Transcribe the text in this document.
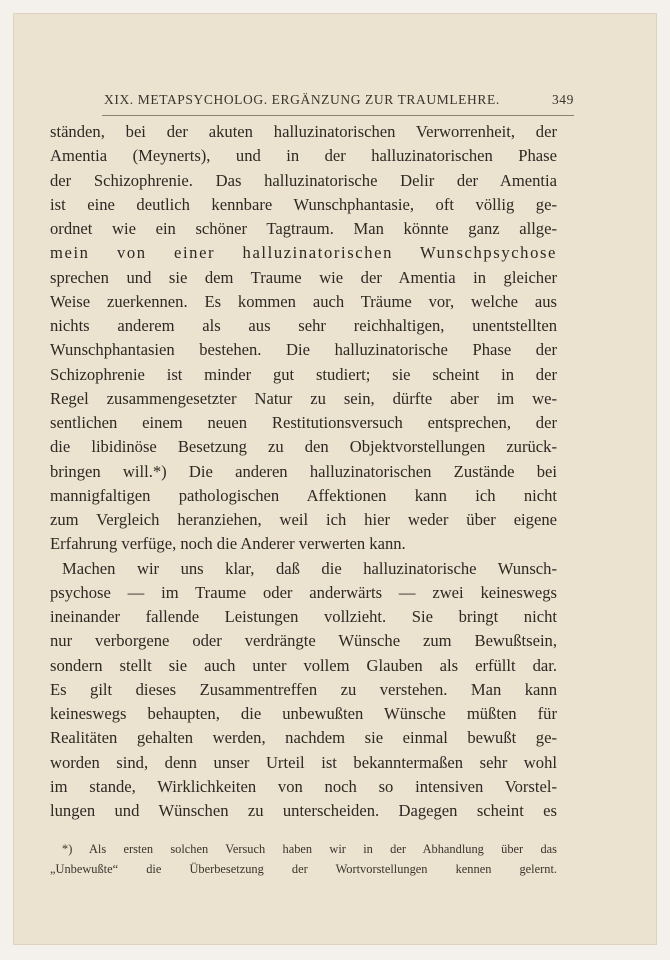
XIX. METAPSYCHOLOG. ERGÄNZUNG ZUR TRAUMLEHRE.	349
ständen, bei der akuten halluzinatorischen Verworrenheit, der
Amentia (Meynerts), und in der halluzinatorischen Phase
der Schizophrenie. Das halluzinatorische Delir der Amentia
ist eine deutlich kennbare Wunschphantasie, oft völlig ge-
ordnet wie ein schöner Tagtraum. Man könnte ganz allge-
mein von einer halluzinatorischen Wunschpsychose
sprechen und sie dem Traume wie der Amentia in gleicher
Weise zuerkennen. Es kommen auch Träume vor, welche aus
nichts anderem als aus sehr reichhaltigen, unentstellten
Wunschphantasien bestehen. Die halluzinatorische Phase der
Schizophrenie ist minder gut studiert; sie scheint in der
Regel zusammengesetzter Natur zu sein, dürfte aber im we-
sentlichen einem neuen Restitutionsversuch entsprechen, der
die libidinöse Besetzung zu den Objektvorstellungen zurück-
bringen will.*) Die anderen halluzinatorischen Zustände bei
mannigfaltigen pathologischen Affektionen kann ich nicht
zum Vergleich heranziehen, weil ich hier weder über eigene
Erfahrung verfüge, noch die Anderer verwerten kann.
Machen wir uns klar, daß die halluzinatorische Wunsch-
psychose — im Traume oder anderwärts — zwei keineswegs
ineinander fallende Leistungen vollzieht. Sie bringt nicht
nur verborgene oder verdrängte Wünsche zum Bewußtsein,
sondern stellt sie auch unter vollem Glauben als erfüllt dar.
Es gilt dieses Zusammentreffen zu verstehen. Man kann
keineswegs behaupten, die unbewußten Wünsche müßten für
Realitäten gehalten werden, nachdem sie einmal bewußt ge-
worden sind, denn unser Urteil ist bekanntermaßen sehr wohl
im stande, Wirklichkeiten von noch so intensiven Vorstel-
lungen und Wünschen zu unterscheiden. Dagegen scheint es
*) Als ersten solchen Versuch haben wir in der Abhandlung über das
„Unbewußte“ die Überbesetzung der Wortvorstellungen kennen gelernt.
